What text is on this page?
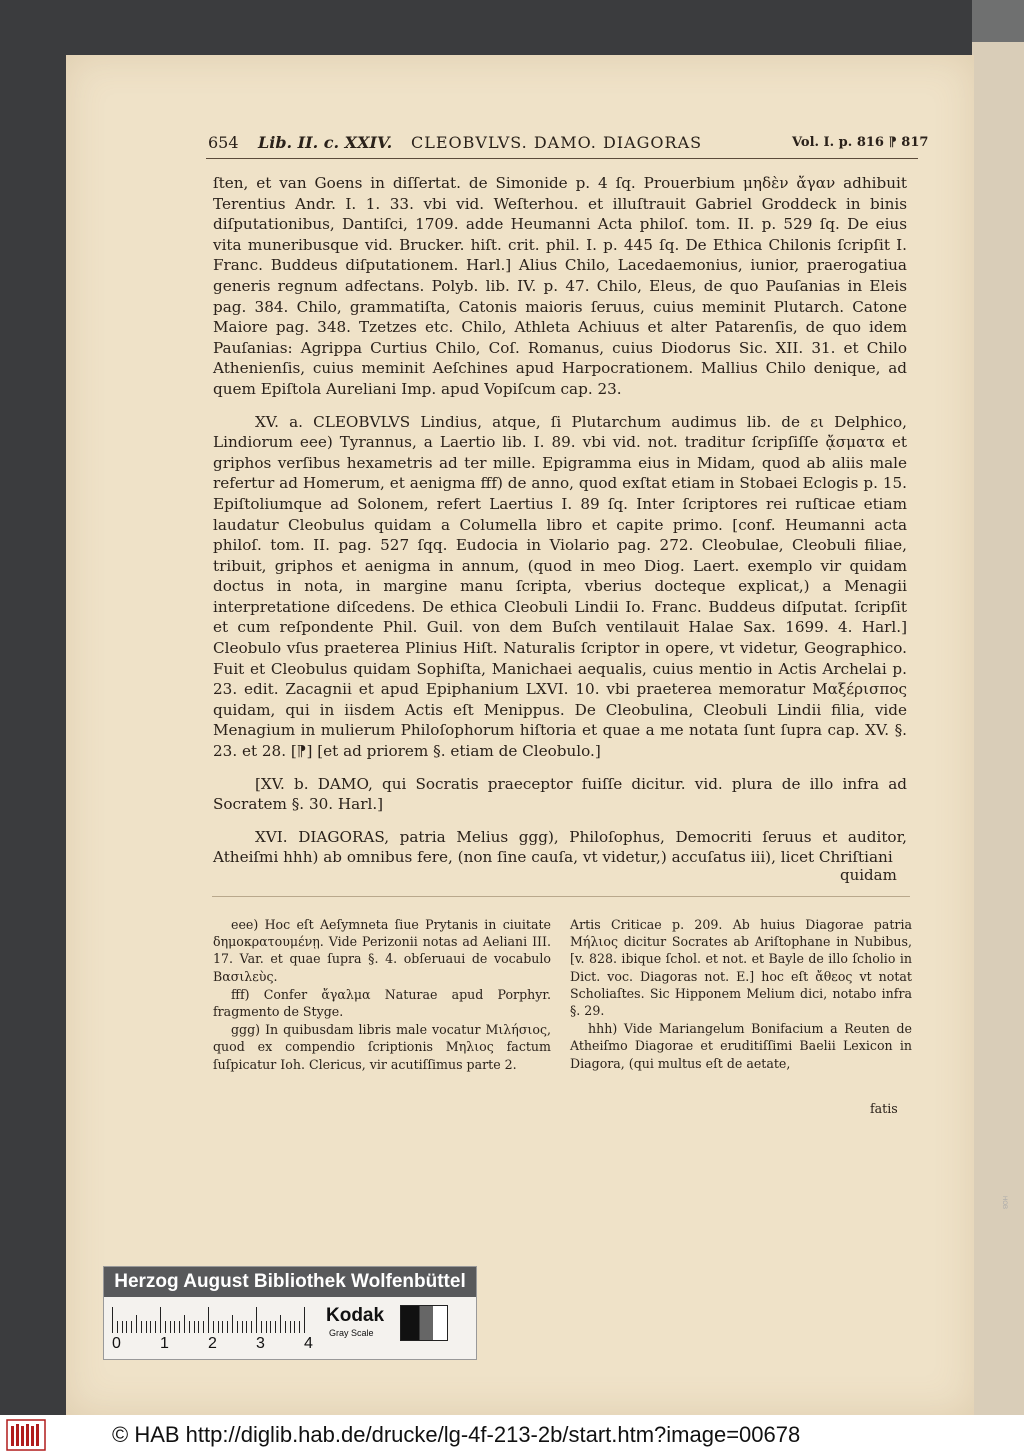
654 Lib. II. c. XXIV. CLEOBVLVS. DAMO. DIAGORAS	Vol. I. p. 816 ⁋ 817

ſten, et van Goens in diſſertat. de Simonide p. 4 ſq. Prouerbium μηδὲν ἄγαν adhibuit Terentius Andr. I. 1. 33. vbi vid. Weſterhou. et illuſtrauit Gabriel Groddeck in binis diſputationibus, Dantiſci, 1709. adde Heumanni Acta philoſ. tom. II. p. 529 ſq. De eius vita muneribusque vid. Brucker. hiſt. crit. phil. I. p. 445 ſq. De Ethica Chilonis ſcripſit I. Franc. Buddeus diſputationem. Harl.] Alius Chilo, Lacedaemonius, iunior, praerogatiua generis regnum adfectans. Polyb. lib. IV. p. 47. Chilo, Eleus, de quo Pauſanias in Eleis pag. 384. Chilo, grammatiſta, Catonis maioris ſeruus, cuius meminit Plutarch. Catone Maiore pag. 348. Tzetzes etc. Chilo, Athleta Achiuus et alter Patarenſis, de quo idem Pauſanias: Agrippa Curtius Chilo, Coſ. Romanus, cuius Diodorus Sic. XII. 31. et Chilo Athenienſis, cuius meminit Aeſchines apud Harpocrationem. Mallius Chilo denique, ad quem Epiſtola Aureliani Imp. apud Vopiſcum cap. 23.

XV. a. CLEOBVLVS Lindius, atque, ſi Plutarchum audimus lib. de ει Delphico, Lindiorum eee) Tyrannus, a Laertio lib. I. 89. vbi vid. not. traditur ſcripſiſſe ᾄσματα et griphos verſibus hexametris ad ter mille. Epigramma eius in Midam, quod ab aliis male refertur ad Homerum, et aenigma fff) de anno, quod exſtat etiam in Stobaei Eclogis p. 15. Epiſtoliumque ad Solonem, refert Laertius I. 89 ſq. Inter ſcriptores rei ruſticae etiam laudatur Cleobulus quidam a Columella libro et capite primo. [conf. Heumanni acta philoſ. tom. II. pag. 527 ſqq. Eudocia in Violario pag. 272. Cleobulae, Cleobuli filiae, tribuit, griphos et aenigma in annum, (quod in meo Diog. Laert. exemplo vir quidam doctus in nota, in margine manu ſcripta, vberius docteque explicat,) a Menagii interpretatione diſcedens. De ethica Cleobuli Lindii Io. Franc. Buddeus diſputat. ſcripſit et cum reſpondente Phil. Guil. von dem Buſch ventilauit Halae Sax. 1699. 4. Harl.] Cleobulo vſus praeterea Plinius Hiſt. Naturalis ſcriptor in opere, vt videtur, Geographico. Fuit et Cleobulus quidam Sophiſta, Manichaei aequalis, cuius mentio in Actis Archelai p. 23. edit. Zacagnii et apud Epiphanium LXVI. 10. vbi praeterea memoratur Μαξέρισπος quidam, qui in iisdem Actis eſt Menippus. De Cleobulina, Cleobuli Lindii filia, vide Menagium in mulierum Philoſophorum hiſtoria et quae a me notata ſunt ſupra cap. XV. §. 23. et 28. [⁋] [et ad priorem §. etiam de Cleobulo.]

[XV. b. DAMO, qui Socratis praeceptor fuiſſe dicitur. vid. plura de illo infra ad Socratem §. 30. Harl.]

XVI. DIAGORAS, patria Melius ggg), Philoſophus, Democriti ſeruus et auditor, Atheiſmi hhh) ab omnibus fere, (non ſine cauſa, vt videtur,) accuſatus iii), licet Chriſtiani

quidam

eee) Hoc eſt Aeſymneta ſiue Prytanis in ciuitate δημοκρατουμένῃ. Vide Perizonii notas ad Aeliani III. 17. Var. et quae ſupra §. 4. obſeruaui de vocabulo Βασιλεὺς.

fff) Confer ἄγαλμα Naturae apud Porphyr. fragmento de Styge.

ggg) In quibusdam libris male vocatur Μιλήσιος, quod ex compendio ſcriptionis Μηλιος factum ſuſpicatur Ioh. Clericus, vir acutiſſimus parte 2.

Artis Criticae p. 209. Ab huius Diagorae patria Μήλιος dicitur Socrates ab Ariſtophane in Nubibus, [v. 828. ibique ſchol. et not. et Bayle de illo ſcholio in Dict. voc. Diagoras not. E.] hoc eſt ἄθεος vt notat Scholiaſtes. Sic Hipponem Melium dici, notabo infra §. 29.

hhh) Vide Mariangelum Bonifacium a Reuten de Atheiſmo Diagorae et eruditiſſimi Baelii Lexicon in Diagora, (qui multus eſt de aetate,

fatis
Herzog August Bibliothek Wolfenbüttel
0 1 2 3 4
Kodak
Gray Scale
HOB
© HAB http://diglib.hab.de/drucke/lg-4f-213-2b/start.htm?image=00678
